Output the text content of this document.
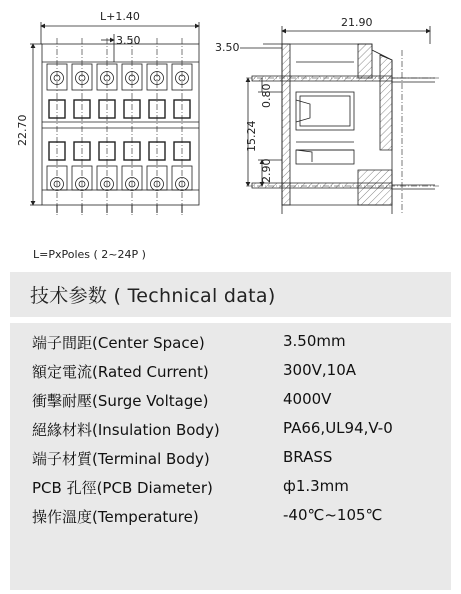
L+1.40
3.50
22.70
21.90
3.50
0.80
15.24
2.90
L=PxPoles ( 2~24P )
技术参数 ( Technical data)
端子間距(Center Space)	3.50mm
額定電流(Rated Current)	300V,10A
衝擊耐壓(Surge Voltage)	4000V
絕緣材料(Insulation Body)	PA66,UL94,V-0
端子材質(Terminal Body)	BRASS
PCB 孔徑(PCB Diameter)	ф1.3mm
操作溫度(Temperature)	-40℃~105℃
